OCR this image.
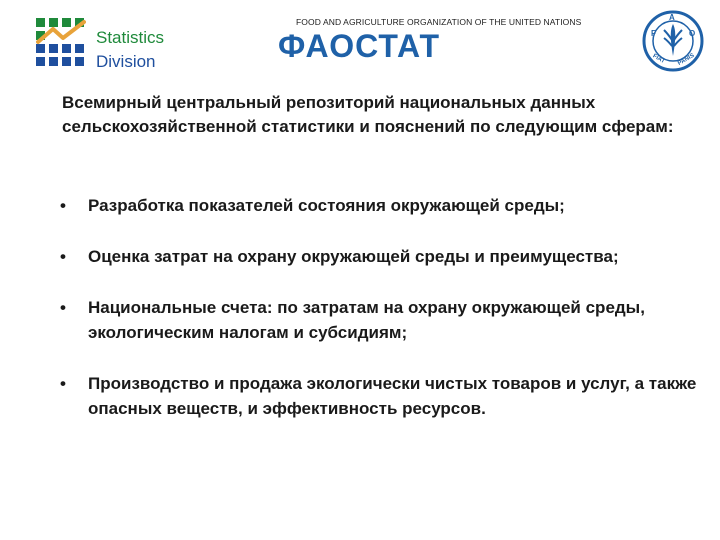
Statistics
Division
FOOD AND AGRICULTURE ORGANIZATION OF THE UNITED NATIONS
ФАОСТАТ	F
A
O
FIAT PANIS
Всемирный центральный репозиторий национальных данных сельскохозяйственной статистики и пояснений по следующим сферам:
• Разработка показателей состояния окружающей среды;
• Оценка затрат на охрану окружающей среды и преимущества;
• Национальные счета: по затратам на охрану окружающей среды, экологическим налогам и субсидиям;
• Производство и продажа экологически чистых товаров и услуг, а также опасных веществ, и эффективность ресурсов.
